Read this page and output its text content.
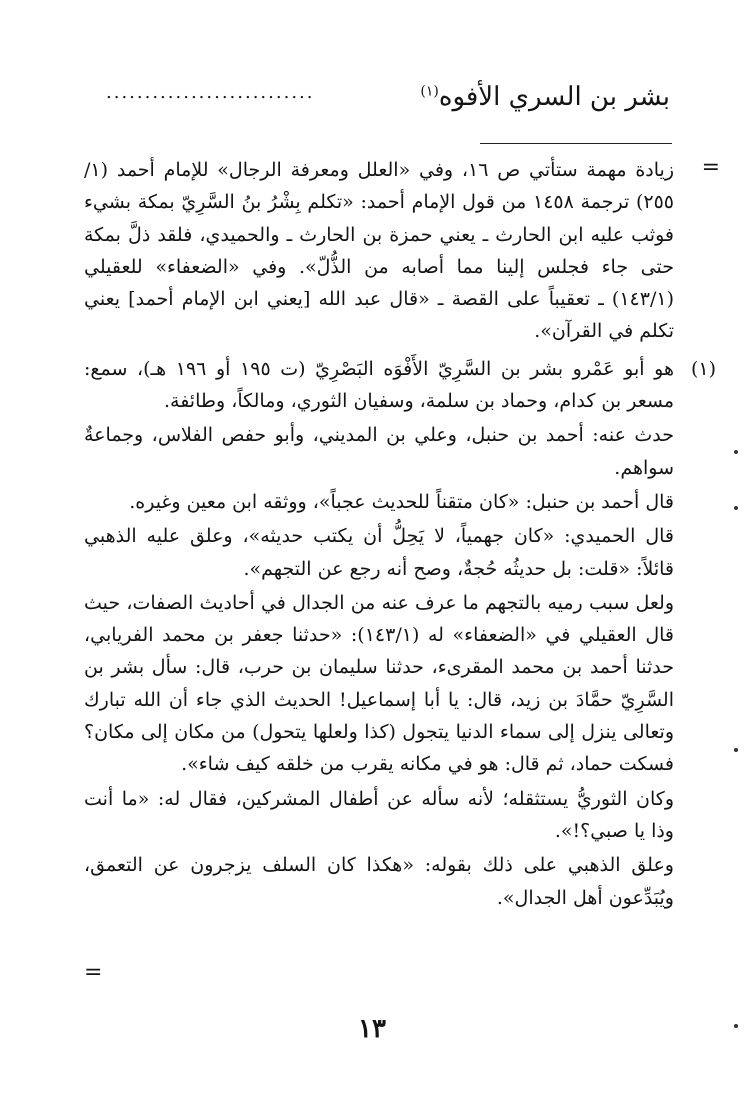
بشر بن السري الأفوه$^{(١)}$
...........................
=

زيادة مهمة ستأتي ص ١٦، وفي «العلل ومعرفة الرجال» للإمام أحمد (١/ ٢٥٥) ترجمة ١٤٥٨ من قول الإمام أحمد: «تكلم بِشْرُ بنُ السَّرِيّ بمكة بشيء فوثب عليه ابن الحارث ـ يعني حمزة بن الحارث ـ والحميدي، فلقد ذلَّ بمكة حتى جاء فجلس إلينا مما أصابه من الذُّلّ». وفي «الضعفاء» للعقيلي (١٤٣/١) ـ تعقيباً على القصة ـ «قال عبد الله [يعني ابن الإمام أحمد] يعني تكلم في القرآن».

(١)

هو أبو عَمْرو بشر بن السَّرِيّ الأَفْوَه البَصْرِيّ (ت ١٩٥ أو ١٩٦ هـ)، سمع: مسعر بن كدام، وحماد بن سلمة، وسفيان الثوري، ومالكاً، وطائفة.

حدث عنه: أحمد بن حنبل، وعلي بن المديني، وأبو حفص الفلاس، وجماعةٌ سواهم.

قال أحمد بن حنبل: «كان متقناً للحديث عجباً»، ووثقه ابن معين وغيره.

قال الحميدي: «كان جهمياً، لا يَحِلُّ أن يكتب حديثه»، وعلق عليه الذهبي قائلاً: «قلت: بل حديثُه حُجةٌ، وصح أنه رجع عن التجهم».

ولعل سبب رميه بالتجهم ما عرف عنه من الجدال في أحاديث الصفات، حيث قال العقيلي في «الضعفاء» له (١٤٣/١): «حدثنا جعفر بن محمد الفريابي، حدثنا أحمد بن محمد المقرىء، حدثنا سليمان بن حرب، قال: سأل بشر بن السَّرِيّ حمَّادَ بن زيد، قال: يا أبا إسماعيل! الحديث الذي جاء أن الله تبارك وتعالى ينزل إلى سماء الدنيا يتجول (كذا ولعلها يتحول) من مكان إلى مكان؟ فسكت حماد، ثم قال: هو في مكانه يقرب من خلقه كيف شاء».

وكان الثوريُّ يستثقله؛ لأنه سأله عن أطفال المشركين، فقال له: «ما أنت وذا يا صبي؟!».

وعلق الذهبي على ذلك بقوله: «هكذا كان السلف يزجرون عن التعمق، ويُبَدِّعون أهل الجدال».

=
١٣
